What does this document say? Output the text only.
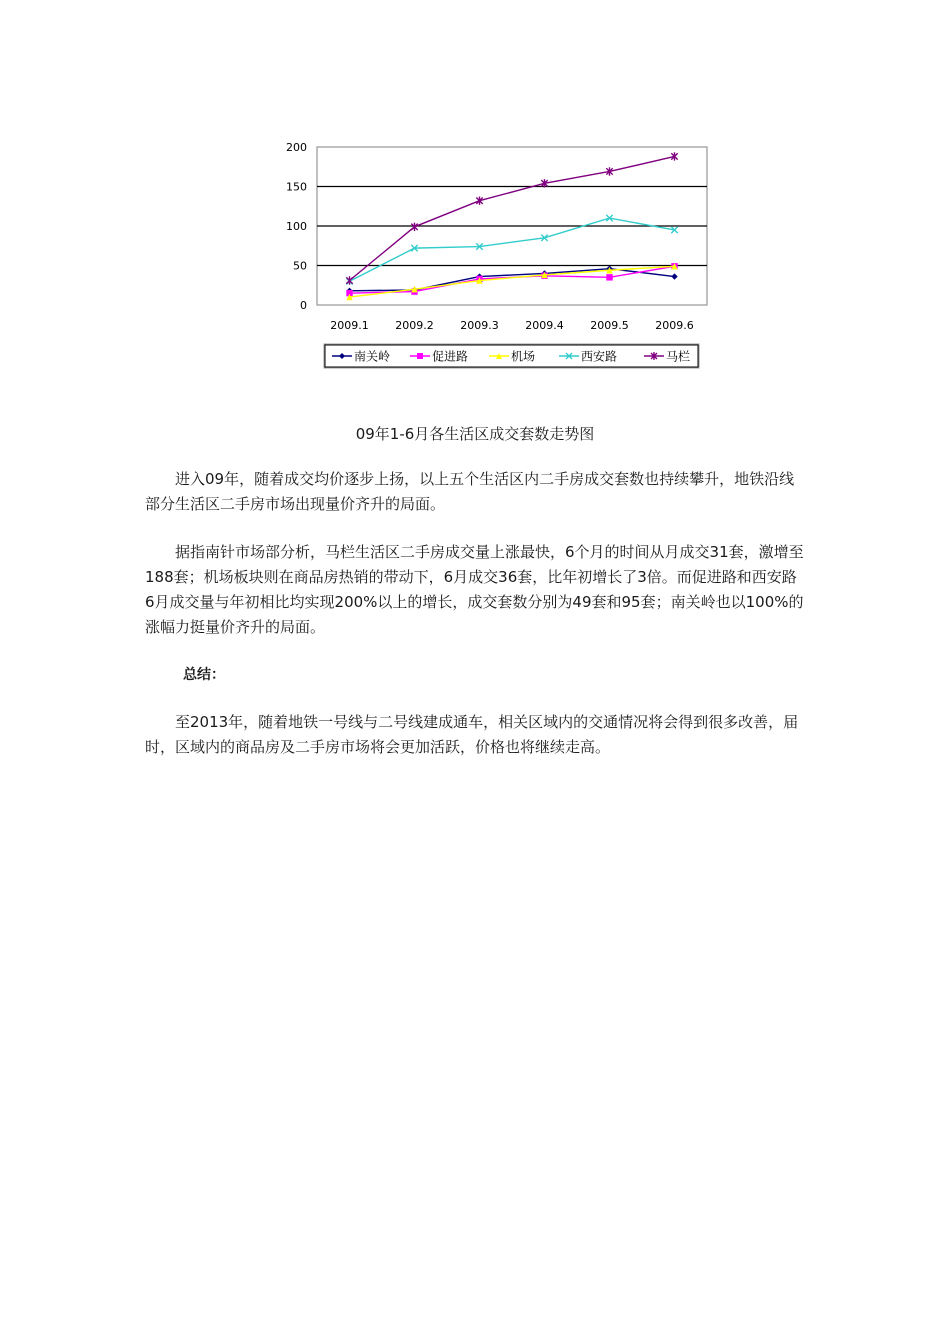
0
50
100
150
200
2009.1 2009.2 2009.3 2009.4 2009.5 2009.6
南关岭	促进路	机场	西安路	马栏
09年1-6月各生活区成交套数走势图

进入09年，随着成交均价逐步上扬，以上五个生活区内二手房成交套数也持续攀升，地铁沿线部分生活区二手房市场出现量价齐升的局面。

据指南针市场部分析，马栏生活区二手房成交量上涨最快，6个月的时间从月成交31套，激增至188套；机场板块则在商品房热销的带动下，6月成交36套，比年初增长了3倍。而促进路和西安路6月成交量与年初相比均实现200%以上的增长，成交套数分别为49套和95套；南关岭也以100%的涨幅力挺量价齐升的局面。

总结：

至2013年，随着地铁一号线与二号线建成通车，相关区域内的交通情况将会得到很多改善，届时，区域内的商品房及二手房市场将会更加活跃，价格也将继续走高。
